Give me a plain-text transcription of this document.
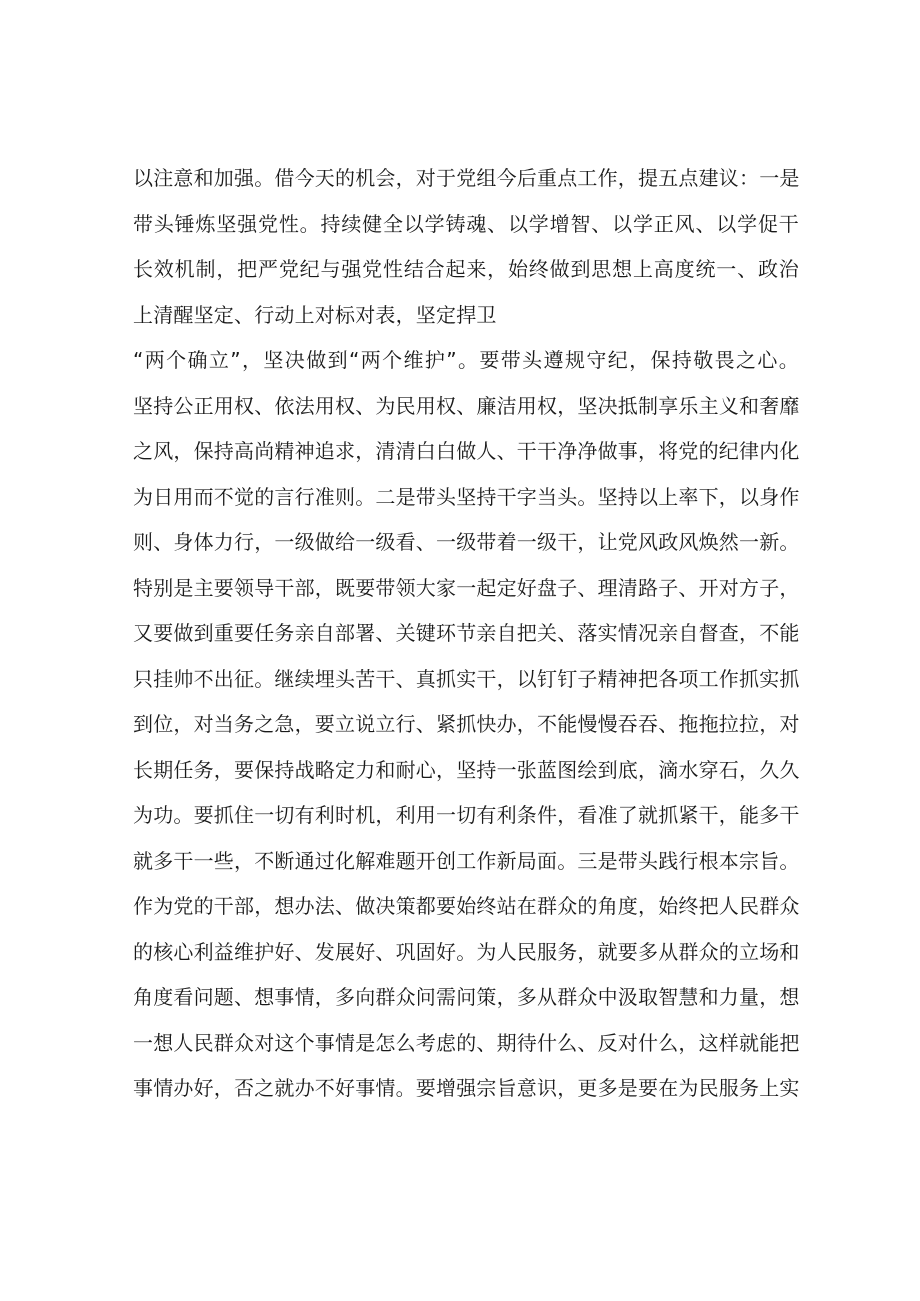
以注意和加强。借今天的机会，对于党组今后重点工作，提五点建议：一是
带头锤炼坚强党性。持续健全以学铸魂、以学增智、以学正风、以学促干
长效机制，把严党纪与强党性结合起来，始终做到思想上高度统一、政治
上清醒坚定、行动上对标对表，坚定捍卫
“两个确立”，坚决做到“两个维护”。要带头遵规守纪，保持敬畏之心。
坚持公正用权、依法用权、为民用权、廉洁用权，坚决抵制享乐主义和奢靡
之风，保持高尚精神追求，清清白白做人、干干净净做事，将党的纪律内化
为日用而不觉的言行准则。二是带头坚持干字当头。坚持以上率下，以身作
则、身体力行，一级做给一级看、一级带着一级干，让党风政风焕然一新。
特别是主要领导干部，既要带领大家一起定好盘子、理清路子、开对方子，
又要做到重要任务亲自部署、关键环节亲自把关、落实情况亲自督查，不能
只挂帅不出征。继续埋头苦干、真抓实干，以钉钉子精神把各项工作抓实抓
到位，对当务之急，要立说立行、紧抓快办，不能慢慢吞吞、拖拖拉拉，对
长期任务，要保持战略定力和耐心，坚持一张蓝图绘到底，滴水穿石，久久
为功。要抓住一切有利时机，利用一切有利条件，看准了就抓紧干，能多干
就多干一些，不断通过化解难题开创工作新局面。三是带头践行根本宗旨。
作为党的干部，想办法、做决策都要始终站在群众的角度，始终把人民群众
的核心利益维护好、发展好、巩固好。为人民服务，就要多从群众的立场和
角度看问题、想事情，多向群众问需问策，多从群众中汲取智慧和力量，想
一想人民群众对这个事情是怎么考虑的、期待什么、反对什么，这样就能把
事情办好，否之就办不好事情。要增强宗旨意识，更多是要在为民服务上实
